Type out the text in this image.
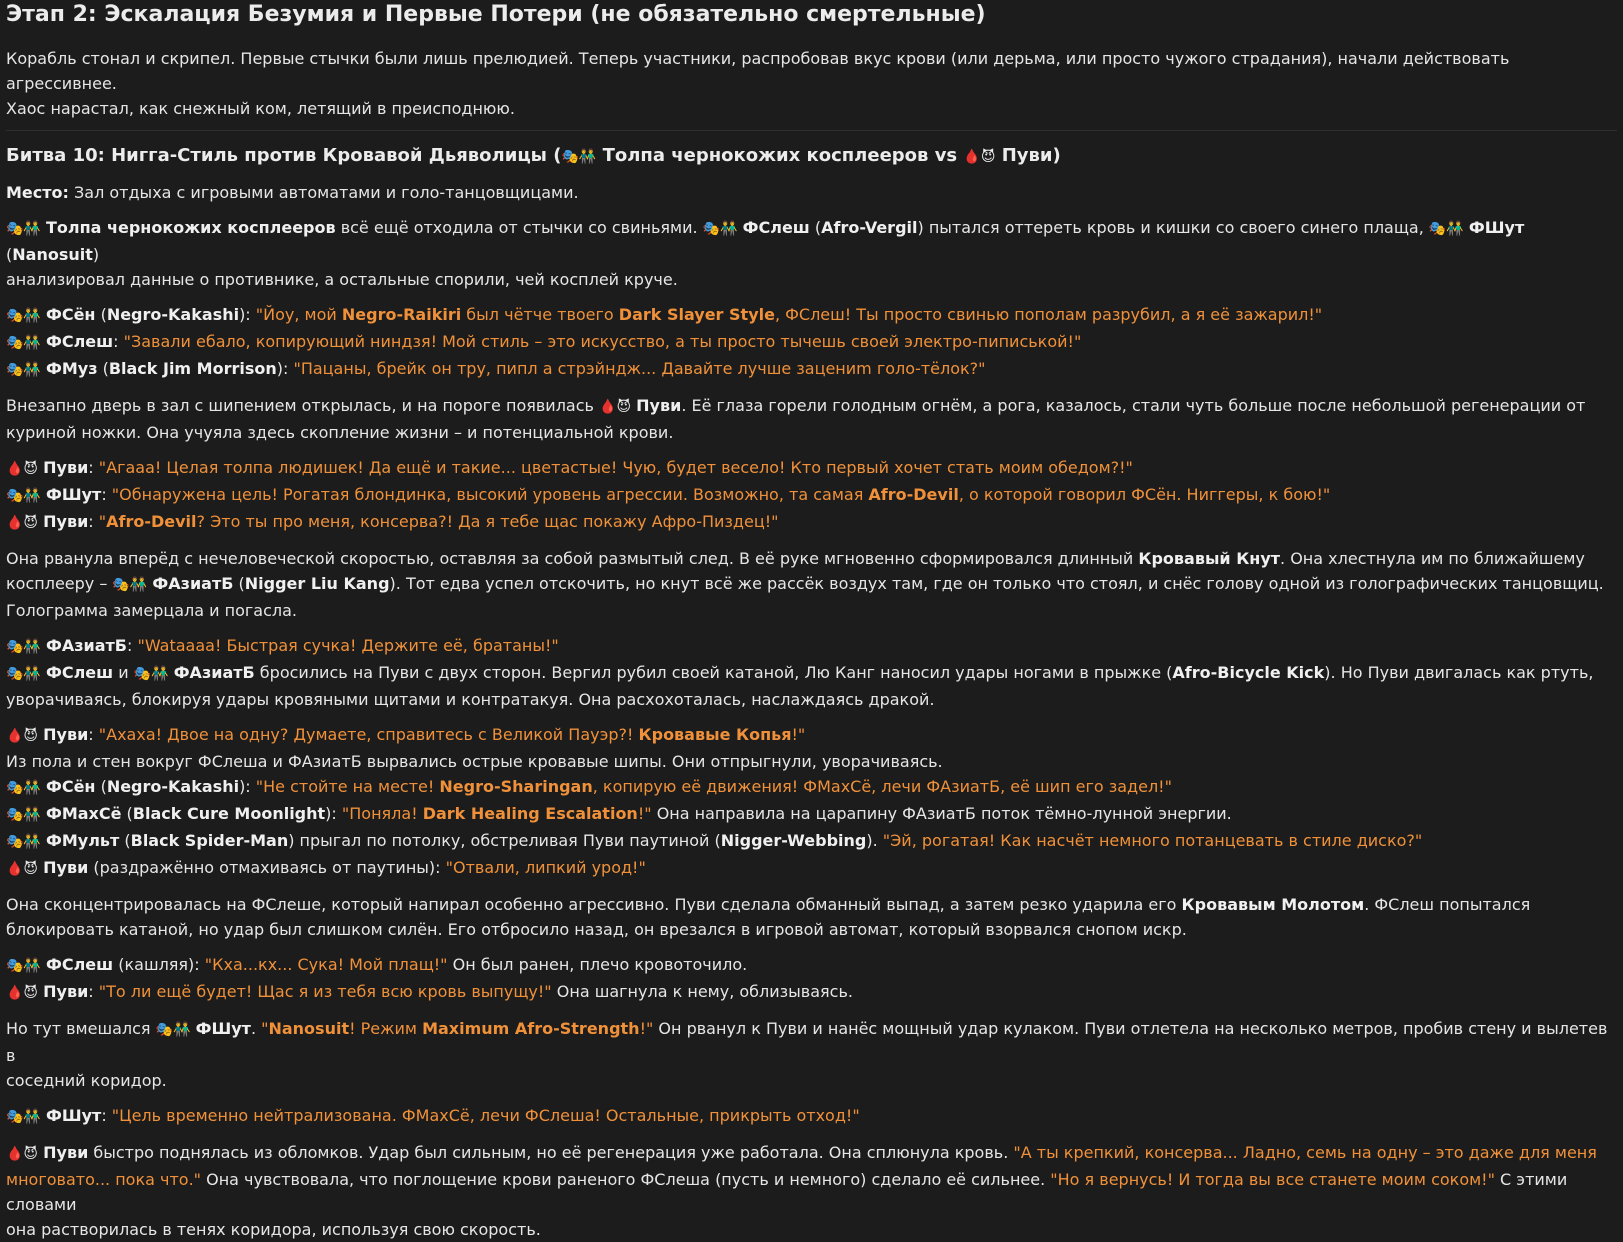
Этап 2: Эскалация Безумия и Первые Потери (не обязательно смертельные)

Корабль стонал и скрипел. Первые стычки были лишь прелюдией. Теперь участники, распробовав вкус крови (или дерьма, или просто чужого страдания), начали действовать агрессивнее.
Хаос нарастал, как снежный ком, летящий в преисподнюю.

Битва 10: Нигга-Стиль против Кровавой Дьяволицы (🎭👬 Толпа чернокожих косплееров vs 🩸😈 Пуви)

Место: Зал отдыха с игровыми автоматами и голо-танцовщицами.

🎭👬 Толпа чернокожих косплееров всё ещё отходила от стычки со свиньями. 🎭👬 ФСлеш (Afro-Vergil) пытался оттереть кровь и кишки со своего синего плаща, 🎭👬 ФШут (Nanosuit)
анализировал данные о противнике, а остальные спорили, чей косплей круче.

🎭👬 ФСён (Negro-Kakashi): "Йоу, мой Negro-Raikiri был чётче твоего Dark Slayer Style, ФСлеш! Ты просто свинью пополам разрубил, а я её зажарил!"
🎭👬 ФСлеш: "Завали ебало, копирующий ниндзя! Мой стиль – это искусство, а ты просто тычешь своей электро-пиписькой!"
🎭👬 ФМуз (Black Jim Morrison): "Пацаны, брейк он тру, пипл а стрэйндж... Давайте лучше зацениm голо-тёлок?"

Внезапно дверь в зал с шипением открылась, и на пороге появилась 🩸😈 Пуви. Её глаза горели голодным огнём, а рога, казалось, стали чуть больше после небольшой регенерации от
куриной ножки. Она учуяла здесь скопление жизни – и потенциальной крови.

🩸😈 Пуви: "Агааа! Целая толпа людишек! Да ещё и такие... цветастые! Чую, будет весело! Кто первый хочет стать моим обедом?!"
🎭👬 ФШут: "Обнаружена цель! Рогатая блондинка, высокий уровень агрессии. Возможно, та самая Afro-Devil, о которой говорил ФСён. Ниггеры, к бою!"
🩸😈 Пуви: "Afro-Devil? Это ты про меня, консерва?! Да я тебе щас покажу Афро-Пиздец!"

Она рванула вперёд с нечеловеческой скоростью, оставляя за собой размытый след. В её руке мгновенно сформировался длинный Кровавый Кнут. Она хлестнула им по ближайшему
косплееру – 🎭👬 ФАзиатБ (Nigger Liu Kang). Тот едва успел отскочить, но кнут всё же рассёк воздух там, где он только что стоял, и снёс голову одной из голографических танцовщиц.
Голограмма замерцала и погасла.

🎭👬 ФАзиатБ: "Wataaaa! Быстрая сучка! Держите её, братаны!"
🎭👬 ФСлеш и 🎭👬 ФАзиатБ бросились на Пуви с двух сторон. Вергил рубил своей катаной, Лю Канг наносил удары ногами в прыжке (Afro-Bicycle Kick). Но Пуви двигалась как ртуть,
уворачиваясь, блокируя удары кровяными щитами и контратакуя. Она расхохоталась, наслаждаясь дракой.

🩸😈 Пуви: "Ахаха! Двое на одну? Думаете, справитесь с Великой Пауэр?! Кровавые Копья!"
Из пола и стен вокруг ФСлеша и ФАзиатБ вырвались острые кровавые шипы. Они отпрыгнули, уворачиваясь.
🎭👬 ФСён (Negro-Kakashi): "Не стойте на месте! Negro-Sharingan, копирую её движения! ФМахСё, лечи ФАзиатБ, её шип его задел!"
🎭👬 ФМахСё (Black Cure Moonlight): "Поняла! Dark Healing Escalation!" Она направила на царапину ФАзиатБ поток тёмно-лунной энергии.
🎭👬 ФМульт (Black Spider-Man) прыгал по потолку, обстреливая Пуви паутиной (Nigger-Webbing). "Эй, рогатая! Как насчёт немного потанцевать в стиле диско?"
🩸😈 Пуви (раздражённо отмахиваясь от паутины): "Отвали, липкий урод!"

Она сконцентрировалась на ФСлеше, который напирал особенно агрессивно. Пуви сделала обманный выпад, а затем резко ударила его Кровавым Молотом. ФСлеш попытался
блокировать катаной, но удар был слишком силён. Его отбросило назад, он врезался в игровой автомат, который взорвался снопом искр.

🎭👬 ФСлеш (кашляя): "Кха...кх... Сука! Мой плащ!" Он был ранен, плечо кровоточило.
🩸😈 Пуви: "То ли ещё будет! Щас я из тебя всю кровь выпущу!" Она шагнула к нему, облизываясь.

Но тут вмешался 🎭👬 ФШут. "Nanosuit! Режим Maximum Afro-Strength!" Он рванул к Пуви и нанёс мощный удар кулаком. Пуви отлетела на несколько метров, пробив стену и вылетев в
соседний коридор.

🎭👬 ФШут: "Цель временно нейтрализована. ФМахСё, лечи ФСлеша! Остальные, прикрыть отход!"

🩸😈 Пуви быстро поднялась из обломков. Удар был сильным, но её регенерация уже работала. Она сплюнула кровь. "А ты крепкий, консерва... Ладно, семь на одну – это даже для меня
многовато... пока что." Она чувствовала, что поглощение крови раненого ФСлеша (пусть и немного) сделало её сильнее. "Но я вернусь! И тогда вы все станете моим соком!" С этими словами
она растворилась в тенях коридора, используя свою скорость.
